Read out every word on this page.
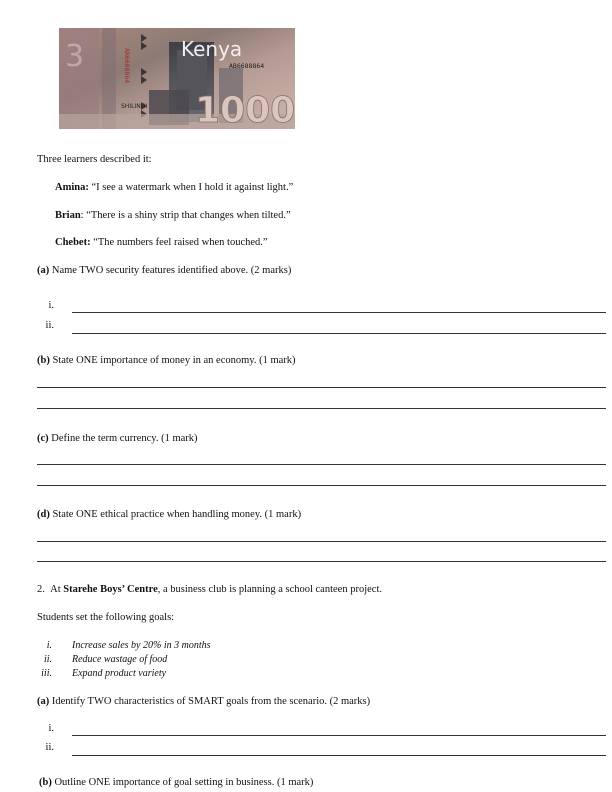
3	Kenya
AB6688864
AB6688864
SHILINGI 1000
Three learners described it:
Amina: “I see a watermark when I hold it against light.”
Brian: “There is a shiny strip that changes when tilted.”
Chebet: “The numbers feel raised when touched.”
(a) Name TWO security features identified above. (2 marks)
i.
ii.
(b) State ONE importance of money in an economy. (1 mark)
(c) Define the term currency. (1 mark)
(d) State ONE ethical practice when handling money. (1 mark)
2. At Starehe Boys’ Centre, a business club is planning a school canteen project.
Students set the following goals:
i. Increase sales by 20% in 3 months
ii. Reduce wastage of food
iii. Expand product variety
(a) Identify TWO characteristics of SMART goals from the scenario. (2 marks)
i.
ii.
(b) Outline ONE importance of goal setting in business. (1 mark)
